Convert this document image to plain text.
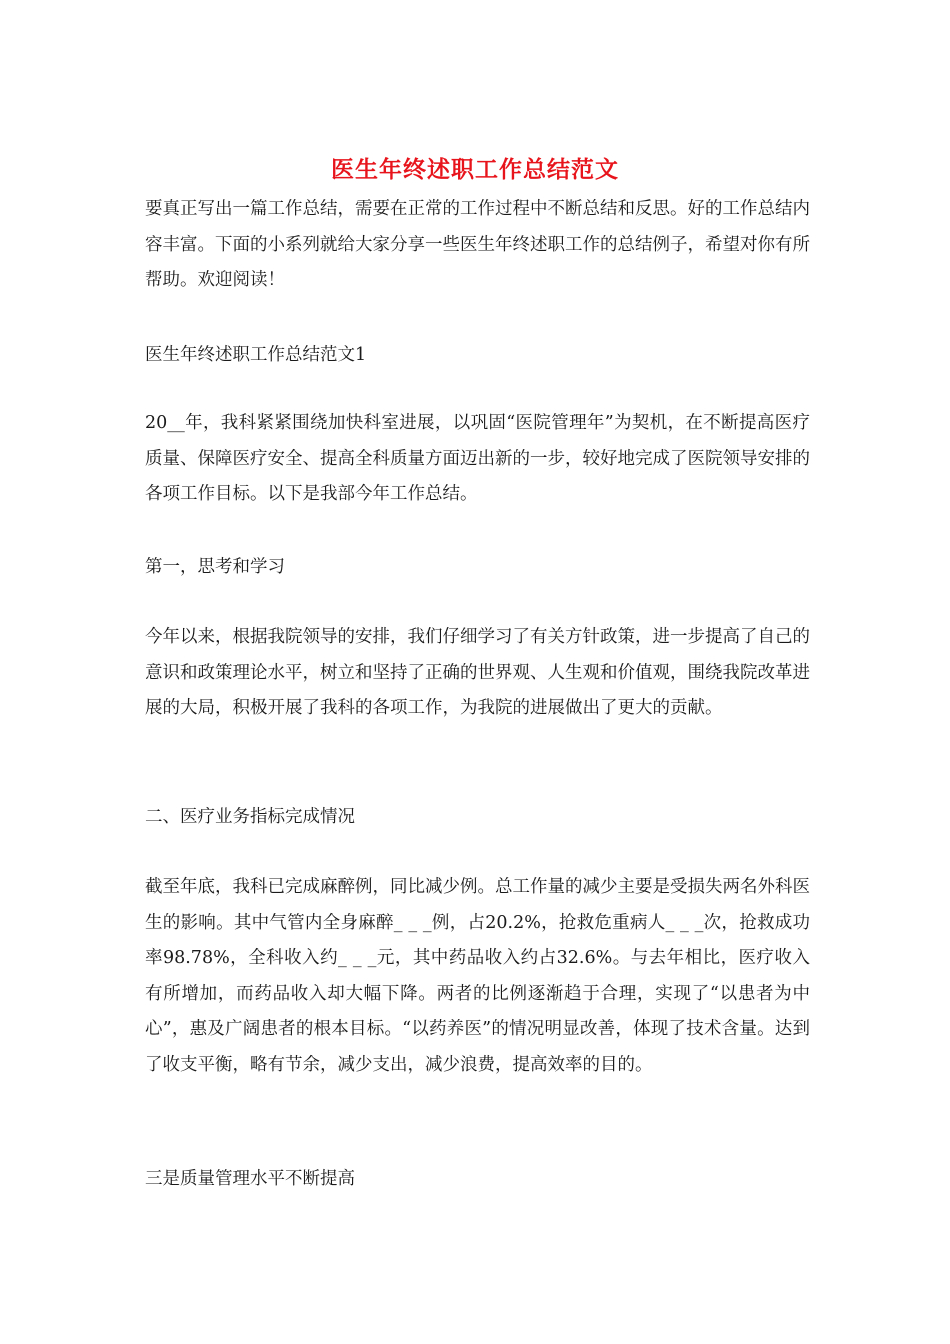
医生年终述职工作总结范文

要真正写出一篇工作总结，需要在正常的工作过程中不断总结和反思。好的工作总结内容丰富。下面的小系列就给大家分享一些医生年终述职工作的总结例子，希望对你有所帮助。欢迎阅读！

医生年终述职工作总结范文1

20__年，我科紧紧围绕加快科室进展，以巩固“医院管理年”为契机，在不断提高医疗质量、保障医疗安全、提高全科质量方面迈出新的一步，较好地完成了医院领导安排的各项工作目标。以下是我部今年工作总结。

第一，思考和学习

今年以来，根据我院领导的安排，我们仔细学习了有关方针政策，进一步提高了自己的意识和政策理论水平，树立和坚持了正确的世界观、人生观和价值观，围绕我院改革进展的大局，积极开展了我科的各项工作，为我院的进展做出了更大的贡献。

二、医疗业务指标完成情况

截至年底，我科已完成麻醉例，同比减少例。总工作量的减少主要是受损失两名外科医生的影响。其中气管内全身麻醉_ _ _例，占20.2%，抢救危重病人_ _ _次，抢救成功率98.78%，全科收入约_ _ _元，其中药品收入约占32.6%。与去年相比，医疗收入有所增加，而药品收入却大幅下降。两者的比例逐渐趋于合理，实现了“以患者为中心”，惠及广阔患者的根本目标。“以药养医”的情况明显改善，体现了技术含量。达到了收支平衡，略有节余，减少支出，减少浪费，提高效率的目的。

三是质量管理水平不断提高
